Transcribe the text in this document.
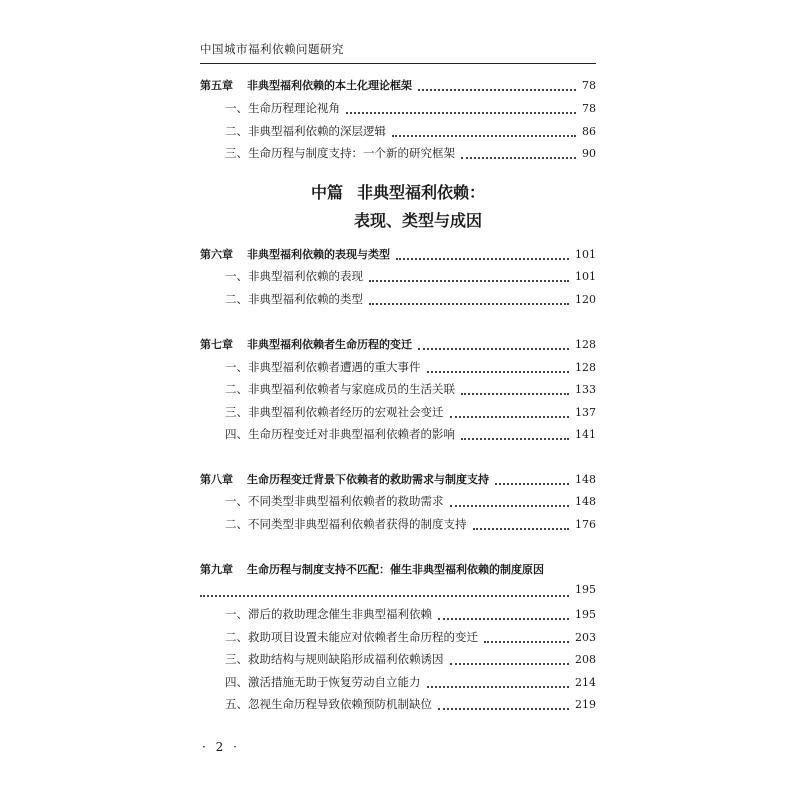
中国城市福利依赖问题研究
第五章 非典型福利依赖的本土化理论框架	78
一、生命历程理论视角	78
二、非典型福利依赖的深层逻辑	86
三、生命历程与制度支持：一个新的研究框架	90
中篇 非典型福利依赖：
表现、类型与成因
第六章 非典型福利依赖的表现与类型	101
一、非典型福利依赖的表现	101
二、非典型福利依赖的类型	120
第七章 非典型福利依赖者生命历程的变迁	128
一、非典型福利依赖者遭遇的重大事件	128
二、非典型福利依赖者与家庭成员的生活关联	133
三、非典型福利依赖者经历的宏观社会变迁	137
四、生命历程变迁对非典型福利依赖者的影响	141
第八章 生命历程变迁背景下依赖者的救助需求与制度支持	148
一、不同类型非典型福利依赖者的救助需求	148
二、不同类型非典型福利依赖者获得的制度支持	176
第九章 生命历程与制度支持不匹配：催生非典型福利依赖的制度原因
195
一、滞后的救助理念催生非典型福利依赖	195
二、救助项目设置未能应对依赖者生命历程的变迁	203
三、救助结构与规则缺陷形成福利依赖诱因	208
四、激活措施无助于恢复劳动自立能力	214
五、忽视生命历程导致依赖预防机制缺位	219
· 2 ·
